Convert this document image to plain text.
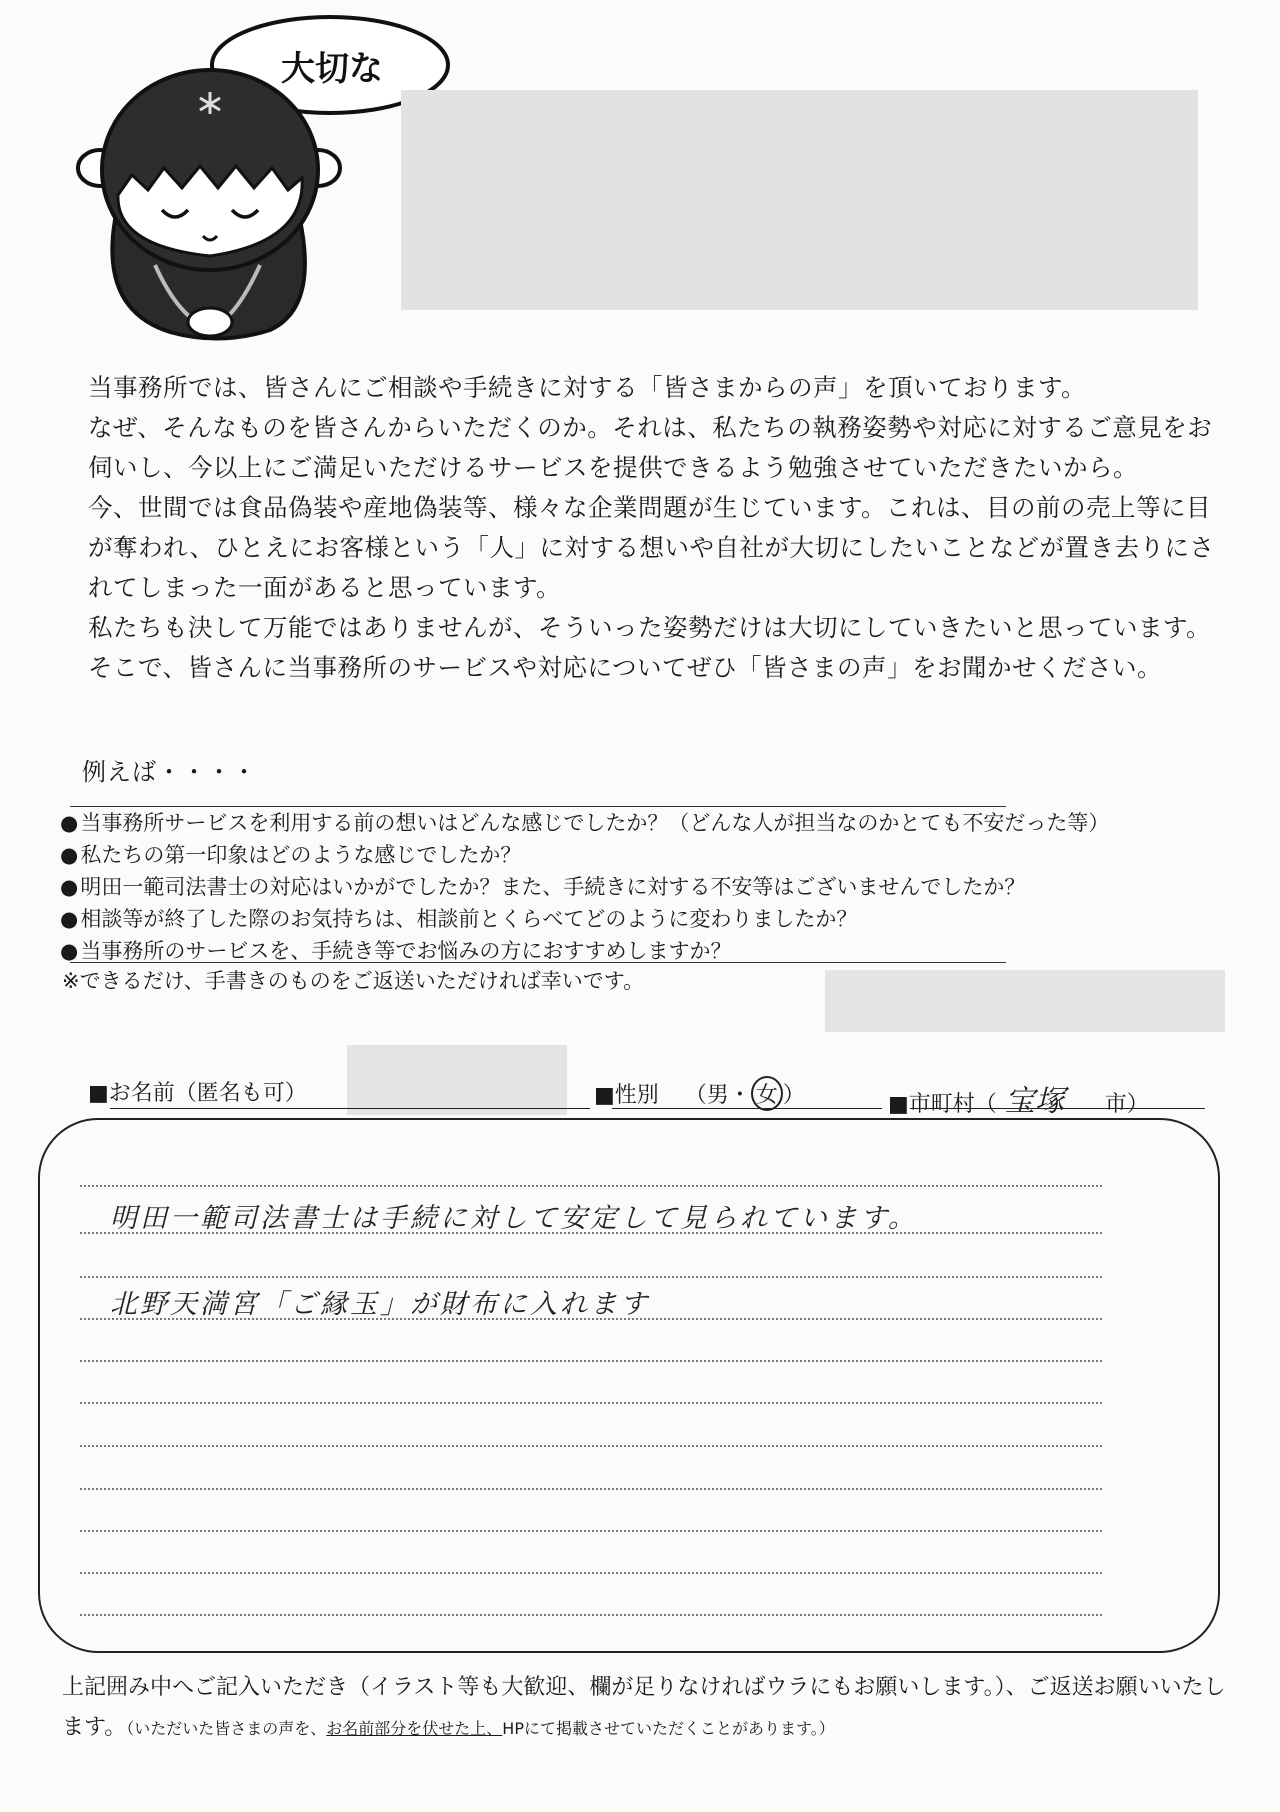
大切な

当事務所では、皆さんにご相談や手続きに対する「皆さまからの声」を頂いております。

なぜ、そんなものを皆さんからいただくのか。それは、私たちの執務姿勢や対応に対するご意見をお伺いし、今以上にご満足いただけるサービスを提供できるよう勉強させていただきたいから。

今、世間では食品偽装や産地偽装等、様々な企業問題が生じています。これは、目の前の売上等に目が奪われ、ひとえにお客様という「人」に対する想いや自社が大切にしたいことなどが置き去りにされてしまった一面があると思っています。

私たちも決して万能ではありませんが、そういった姿勢だけは大切にしていきたいと思っています。そこで、皆さんに当事務所のサービスや対応についてぜひ「皆さまの声」をお聞かせください。

例えば・・・・
● 当事務所サービスを利用する前の想いはどんな感じでしたか？（どんな人が担当なのかとても不安だった等）
● 私たちの第一印象はどのような感じでしたか？
● 明田一範司法書士の対応はいかがでしたか？また、手続きに対する不安等はございませんでしたか？
● 相談等が終了した際のお気持ちは、相談前とくらべてどのように変わりましたか？
● 当事務所のサービスを、手続き等でお悩みの方におすすめしますか？
※できるだけ、手書きのものをご返送いただければ幸いです。
■お名前（匿名も可）	■性別 （男・ 女 ）	■市町村（ 宝塚 市）
明田一範司法書士は手続に対して安定して見られています。
北野天満宮「ご縁玉」が財布に入れます
上記囲み中へご記入いただき（イラスト等も大歓迎、欄が足りなければウラにもお願いします。）、ご返送お願いいたします。（いただいた皆さまの声を、お名前部分を伏せた上、HPにて掲載させていただくことがあります。）
